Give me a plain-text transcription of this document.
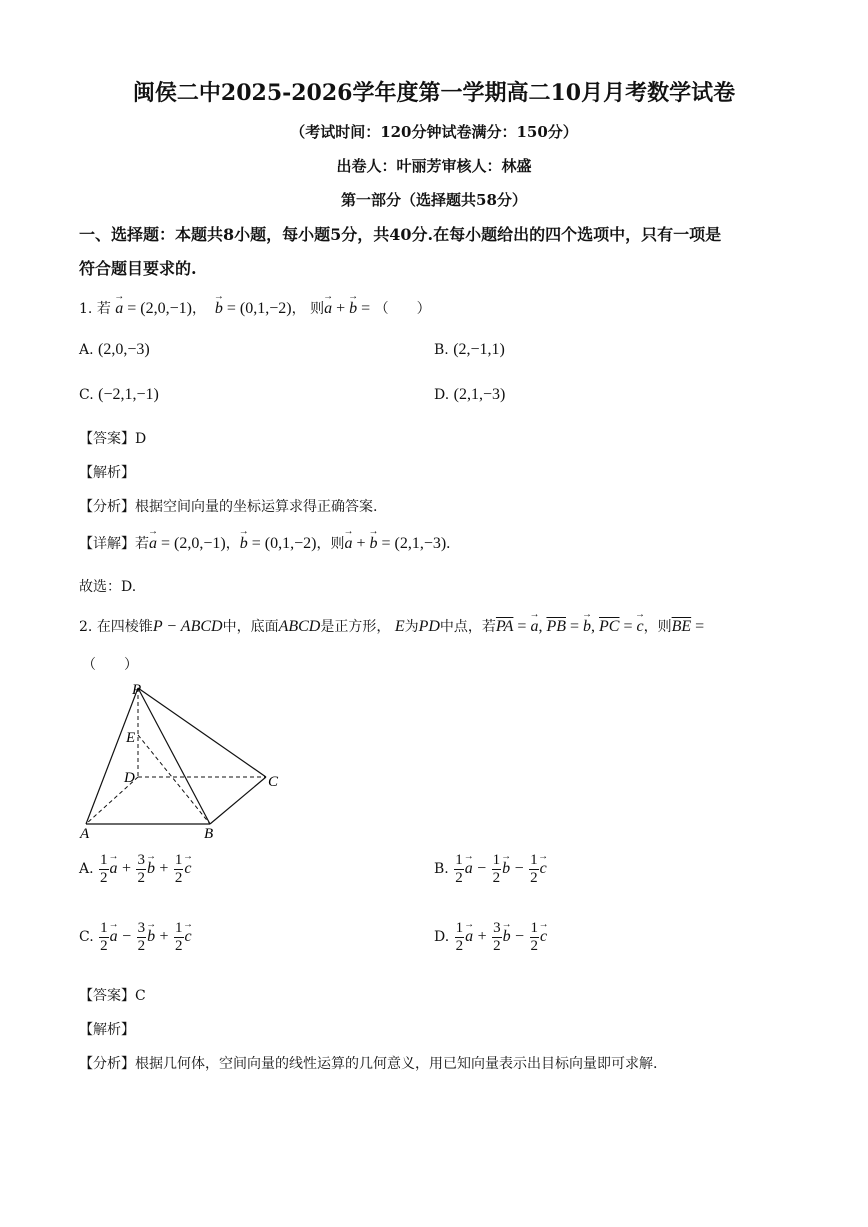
闽侯二中2025-2026学年度第一学期高二10月月考数学试卷
（考试时间：120分钟试卷满分：150分）
出卷人：叶丽芳审核人：林盛
第一部分（选择题共58分）
一、选择题：本题共8小题，每小题5分，共40分.在每小题给出的四个选项中，只有一项是
符合题目要求的.
1. 若 → a = (2,0,−1)，  → b = (0,1,−2)， 则→ a + → b = （　　）
A. (2,0,−3)	B. (2,−1,1)
C. (−2,1,−1)	D. (2,1,−3)
【答案】D
【解析】
【分析】根据空间向量的坐标运算求得正确答案.
【详解】若→ a = (2,0,−1)，→ b = (0,1,−2)，则→ a + → b = (2,1,−3).
故选：D.
2. 在四棱锥P − ABCD中，底面ABCD是正方形， E为PD中点，若$\overline{PA}$ = → a, $\overline{PB}$ = → b, $\overline{PC}$ = → c，则$\overline{BE}$ =
（　　）
P
E
D	C
A	B
A. $\frac{1}{2} \to a + \frac{3}{2} \to b + \frac{1}{2} \to c$	B. $\frac{1}{2} \to a - \frac{1}{2} \to b - \frac{1}{2} \to c$
C. $\frac{1}{2} \to a - \frac{3}{2} \to b + \frac{1}{2} \to c$	D. $\frac{1}{2} \to a + \frac{3}{2} \to b - \frac{1}{2} \to c$
【答案】C
【解析】
【分析】根据几何体，空间向量的线性运算的几何意义，用已知向量表示出目标向量即可求解.
